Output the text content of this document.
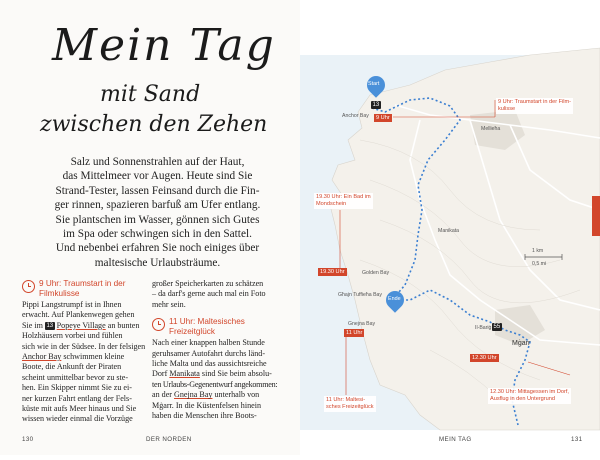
Mein Tag
mit Sand
zwischen den Zehen
Salz und Sonnenstrahlen auf der Haut,
das Mittelmeer vor Augen. Heute sind Sie
Strand-Tester, lassen Feinsand durch die Fin-
ger rinnen, spazieren barfuß am Ufer entlang.
Sie plantschen im Wasser, gönnen sich Gutes
im Spa oder schwingen sich in den Sattel.
Und nebenbei erfahren Sie noch einiges über
maltesische Urlaubsträume.
9 Uhr: Traumstart in der
Filmkulisse
Pippi Langstrumpf ist in Ihnen
erwacht. Auf Plankenwegen gehen
Sie im 13 Popeye Village an bunten
Holzhäusern vorbei und fühlen
sich wie in der Südsee. In der felsigen
Anchor Bay schwimmen kleine
Boote, die Ankunft der Piraten
scheint unmittelbar bevor zu ste-
hen. Ein Skipper nimmt Sie zu ei-
ner kurzen Fahrt entlang der Fels-
küste mit aufs Meer hinaus und Sie
wissen wieder einmal die Vorzüge
großer Speicherkarten zu schätzen
– da darf's gerne auch mal ein Foto
mehr sein.
11 Uhr: Maltesisches
Freizeitglück
Nach einer knappen halben Stunde
geruhsamer Autofahrt durchs länd-
liche Malta und das aussichtsreiche
Dorf Manikata sind Sie beim absolu-
ten Urlaubs-Gegenentwurf angekommen:
an der Gnejna Bay unterhalb von
Mġarr. In die Küstenfelsen hinein
haben die Menschen ihre Boots-
130	DER NORDEN
Start
Ende
13
55
Anchor Bay
Mellieħa
Manikata
Golden Bay
Għajn Tuffieħa Bay
Gnejna Bay
Il-Bariġ
Mġarr
1 km
0,5 mi
9 Uhr
19.30 Uhr
11 Uhr
12.30 Uhr
9 Uhr: Traumstart in der Film-
kulisse
19.30 Uhr: Ein Bad im
Mondschein
11 Uhr: Maltesi-
sches Freizeitglück
12.30 Uhr: Mittagessen im Dorf,
Ausflug in den Untergrund
MEIN TAG	131
